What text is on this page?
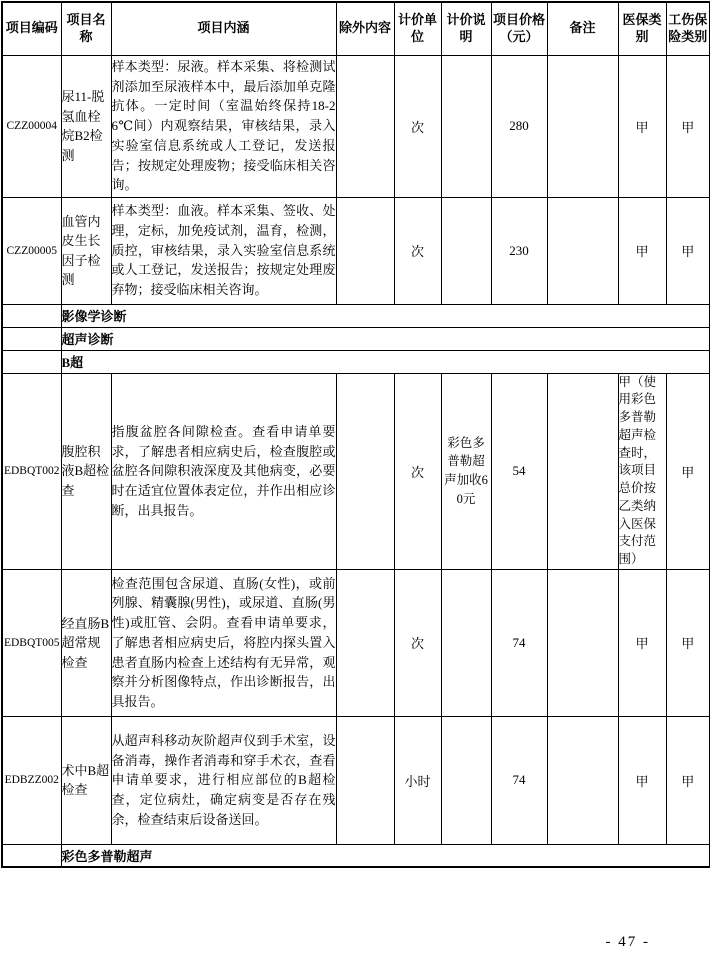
项目编码	项目名称	项目内涵	除外内容	计价单位	计价说明	项目价格（元）	备注	医保类别	工伤保险类别
CZZ00004	尿11-脱氢血栓烷B2检测	样本类型：尿液。样本采集、将检测试剂添加至尿液样本中，最后添加单克隆抗体。一定时间（室温始终保持18-26℃间）内观察结果，审核结果，录入实验室信息系统或人工登记，发送报告；按规定处理废物；接受临床相关咨询。		次		280		甲	甲
CZZ00005	血管内皮生长因子检测	样本类型：血液。样本采集、签收、处理，定标，加免疫试剂，温育，检测，质控，审核结果，录入实验室信息系统或人工登记，发送报告；按规定处理废弃物；接受临床相关咨询。		次		230		甲	甲
	影像学诊断								
	超声诊断								
	B超								
EDBQT002	腹腔积液B超检查	指腹盆腔各间隙检查。查看申请单要求，了解患者相应病史后，检查腹腔或盆腔各间隙积液深度及其他病变，必要时在适宜位置体表定位，并作出相应诊断，出具报告。		次	彩色多普勒超声加收60元	54		甲（使用彩色多普勒超声检查时，该项目总价按乙类纳入医保支付范围）	甲
EDBQT005	经直肠B超常规检查	检查范围包含尿道、直肠(女性)，或前列腺、精囊腺(男性)，或尿道、直肠(男性)或肛管、会阴。查看申请单要求，了解患者相应病史后，将腔内探头置入患者直肠内检查上述结构有无异常，观察并分析图像特点，作出诊断报告，出具报告。		次		74		甲	甲
EDBZZ002	术中B超检查	从超声科移动灰阶超声仪到手术室，设备消毒，操作者消毒和穿手术衣，查看申请单要求，进行相应部位的B超检查，定位病灶，确定病变是否存在残余，检查结束后设备送回。		小时		74		甲	甲
	彩色多普勒超声								
- 47 -
